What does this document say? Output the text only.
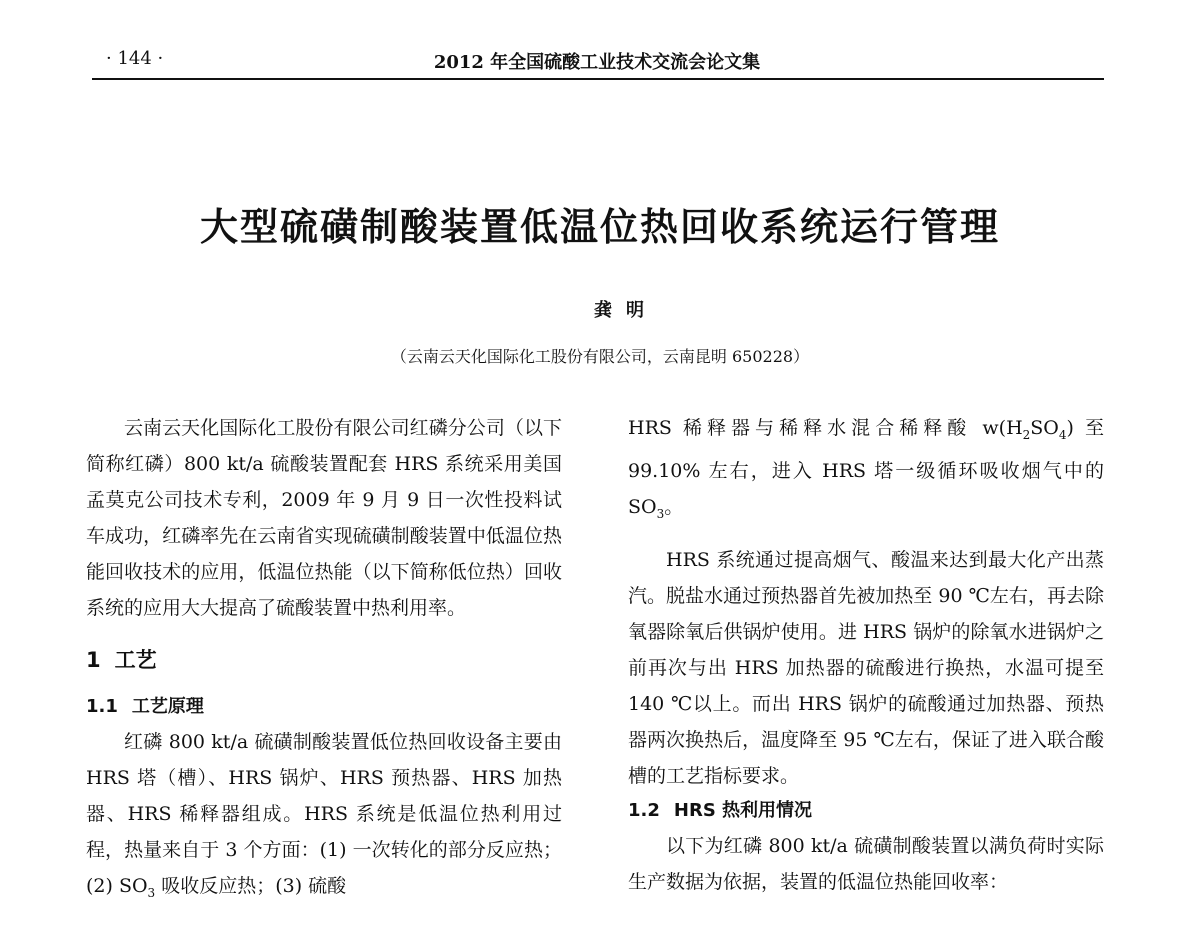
· 144 ·	2012 年全国硫酸工业技术交流会论文集
大型硫磺制酸装置低温位热回收系统运行管理
龚明
（云南云天化国际化工股份有限公司，云南昆明 650228）

云南云天化国际化工股份有限公司红磷分公司（以下简称红磷）800 kt/a 硫酸装置配套 HRS 系统采用美国孟莫克公司技术专利，2009 年 9 月 9 日一次性投料试车成功，红磷率先在云南省实现硫磺制酸装置中低温位热能回收技术的应用，低温位热能（以下简称低位热）回收系统的应用大大提高了硫酸装置中热利用率。

1 工艺
1.1 工艺原理

红磷 800 kt/a 硫磺制酸装置低位热回收设备主要由 HRS 塔（槽）、HRS 锅炉、HRS 预热器、HRS 加热器、HRS 稀释器组成。HRS 系统是低温位热利用过程，热量来自于 3 个方面：(1) 一次转化的部分反应热；(2) $SO_3$ 吸收反应热；(3) 硫酸

HRS 稀释器与稀释水混合稀释酸 $w(H_2SO_4)$ 至 99.10% 左右，进入 HRS 塔一级循环吸收烟气中的 $SO_3$。

HRS 系统通过提高烟气、酸温来达到最大化产出蒸汽。脱盐水通过预热器首先被加热至 90 ℃左右，再去除氧器除氧后供锅炉使用。进 HRS 锅炉的除氧水进锅炉之前再次与出 HRS 加热器的硫酸进行换热，水温可提至 140 ℃以上。而出 HRS 锅炉的硫酸通过加热器、预热器两次换热后，温度降至 95 ℃左右，保证了进入联合酸槽的工艺指标要求。

1.2 HRS 热利用情况

以下为红磷 800 kt/a 硫磺制酸装置以满负荷时实际生产数据为依据，装置的低温位热能回收率：
